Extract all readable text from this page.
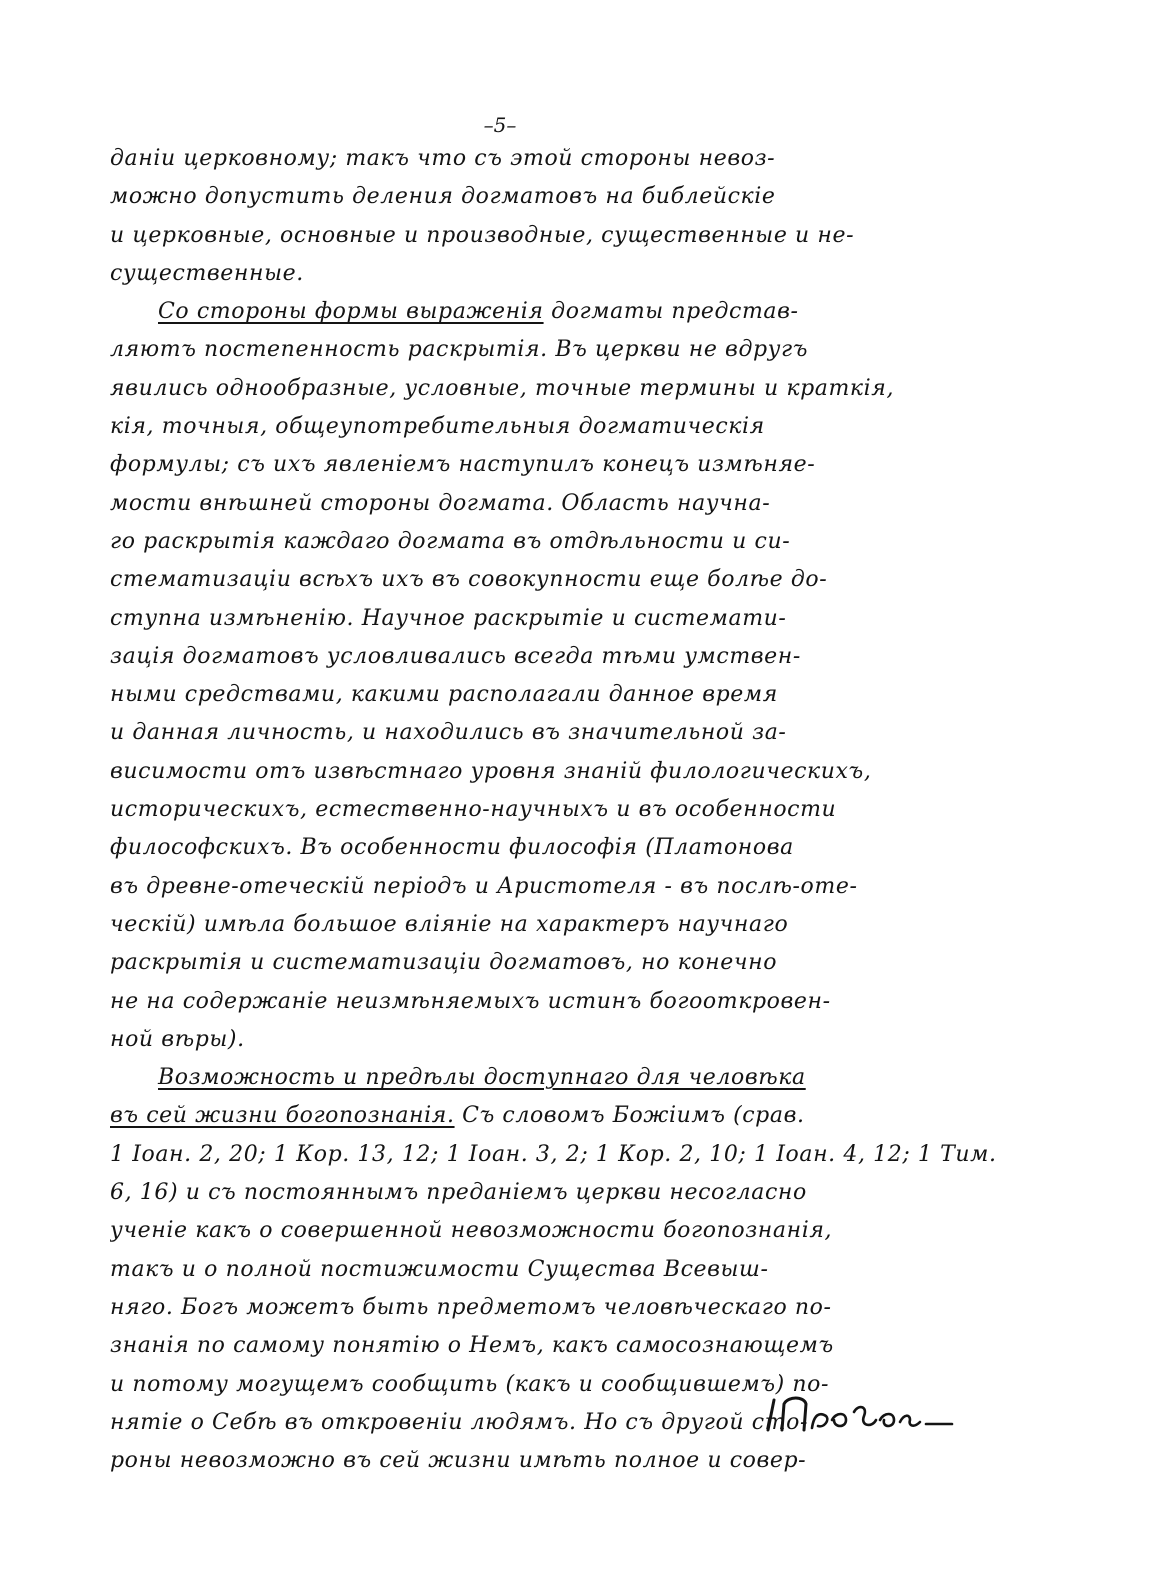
–5–
данiи церковному; такъ что съ этой стороны невоз-
можно допустить деления догматовъ на библейскiе
и церковные, основные и производные, существенные и не-
существенные.
Со стороны формы выраженiя догматы представ-
ляютъ постепенность раскрытiя. Въ церкви не вдругъ
явились однообразные, условные, точные термины и краткiя,
кiя, точныя, общеупотребительныя догматическiя
формулы; съ ихъ явленiемъ наступилъ конецъ измѣняе-
мости внѣшней стороны догмата. Область научна-
го раскрытiя каждаго догмата въ отдѣльности и си-
стематизацiи всѣхъ ихъ въ совокупности еще болѣе до-
ступна измѣненiю. Научное раскрытiе и системати-
зацiя догматовъ условливались всегда тѣми умствен-
ными средствами, какими располагали данное время
и данная личность, и находились въ значительной за-
висимости отъ извѣстнаго уровня знанiй филологическихъ,
историческихъ, естественно-научныхъ и въ особенности
философскихъ. Въ особенности философiя (Платонова
въ древне-отеческiй перiодъ и Аристотеля - въ послѣ-оте-
ческiй) имѣла большое влiянiе на характеръ научнаго
раскрытiя и систематизацiи догматовъ, но конечно
не на содержанiе неизмѣняемыхъ истинъ богооткровен-
ной вѣры).
Возможность и предѣлы доступнаго для человѣка
въ сей жизни богопознанiя. Съ словомъ Божiимъ (срав.
1 Iоан. 2, 20; 1 Кор. 13, 12; 1 Iоан. 3, 2; 1 Кор. 2, 10; 1 Iоан. 4, 12; 1 Тим.
6, 16) и съ постояннымъ преданiемъ церкви несогласно
ученiе какъ о совершенной невозможности богопознанiя,
такъ и о полной постижимости Существа Всевыш-
няго. Богъ можетъ быть предметомъ человѣческаго по-
знанiя по самому понятiю о Немъ, какъ самосознающемъ
и потому могущемъ сообщить (какъ и сообщившемъ) по-
нятiе о Себѣ въ откровенiи людямъ. Но съ другой сто-
роны невозможно въ сей жизни имѣть полное и совер-
